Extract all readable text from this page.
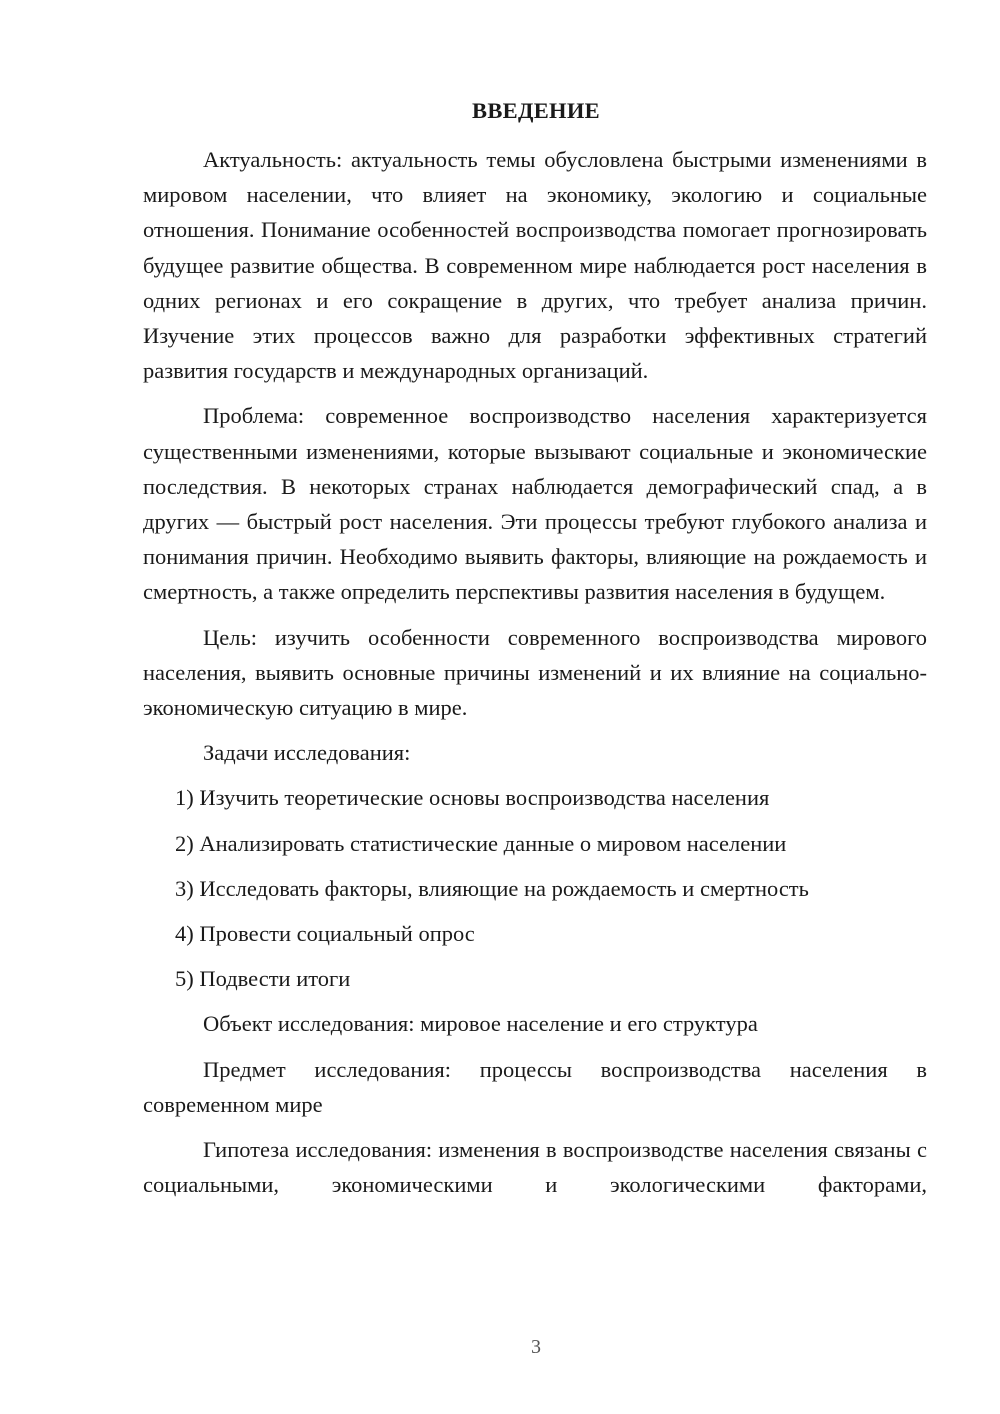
ВВЕДЕНИЕ

Актуальность: актуальность темы обусловлена быстрыми изменениями в мировом населении, что влияет на экономику, экологию и социальные отношения. Понимание особенностей воспроизводства помогает прогнозировать будущее развитие общества. В современном мире наблюдается рост населения в одних регионах и его сокращение в других, что требует анализа причин. Изучение этих процессов важно для разработки эффективных стратегий развития государств и международных организаций.

Проблема: современное воспроизводство населения характеризуется существенными изменениями, которые вызывают социальные и экономические последствия. В некоторых странах наблюдается демографический спад, а в других — быстрый рост населения. Эти процессы требуют глубокого анализа и понимания причин. Необходимо выявить факторы, влияющие на рождаемость и смертность, а также определить перспективы развития населения в будущем.

Цель: изучить особенности современного воспроизводства мирового населения, выявить основные причины изменений и их влияние на социально-экономическую ситуацию в мире.

Задачи исследования:

1) Изучить теоретические основы воспроизводства населения

2) Анализировать статистические данные о мировом населении

3) Исследовать факторы, влияющие на рождаемость и смертность

4) Провести социальный опрос

5) Подвести итоги

Объект исследования: мировое население и его структура

Предмет исследования: процессы воспроизводства населения в современном мире

Гипотеза исследования: изменения в воспроизводстве населения связаны с социальными, экономическими и экологическими факторами,

3
